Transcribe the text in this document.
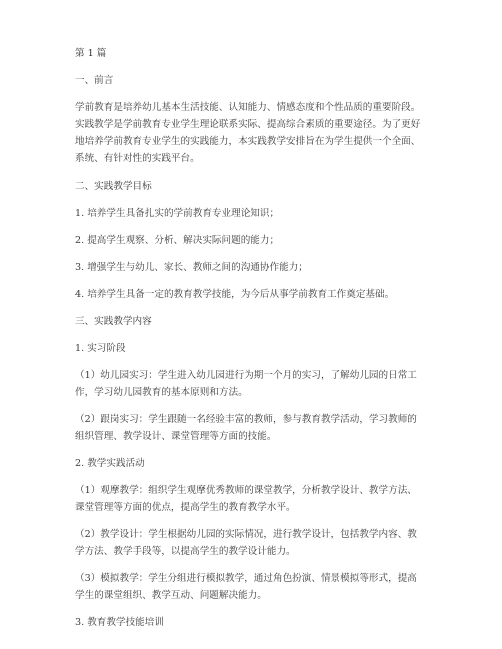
第 1 篇

一、前言

学前教育是培养幼儿基本生活技能、认知能力、情感态度和个性品质的重要阶段。
实践教学是学前教育专业学生理论联系实际、提高综合素质的重要途径。为了更好
地培养学前教育专业学生的实践能力，本实践教学安排旨在为学生提供一个全面、
系统、有针对性的实践平台。

二、实践教学目标

1. 培养学生具备扎实的学前教育专业理论知识；

2. 提高学生观察、分析、解决实际问题的能力；

3. 增强学生与幼儿、家长、教师之间的沟通协作能力；

4. 培养学生具备一定的教育教学技能，为今后从事学前教育工作奠定基础。

三、实践教学内容

1. 实习阶段

（1）幼儿园实习：学生进入幼儿园进行为期一个月的实习，了解幼儿园的日常工
作，学习幼儿园教育的基本原则和方法。
（2）跟岗实习：学生跟随一名经验丰富的教师，参与教育教学活动，学习教师的
组织管理、教学设计、课堂管理等方面的技能。

2. 教学实践活动

（1）观摩教学：组织学生观摩优秀教师的课堂教学，分析教学设计、教学方法、
课堂管理等方面的优点，提高学生的教育教学水平。
（2）教学设计：学生根据幼儿园的实际情况，进行教学设计，包括教学内容、教
学方法、教学手段等，以提高学生的教学设计能力。
（3）模拟教学：学生分组进行模拟教学，通过角色扮演、情景模拟等形式，提高
学生的课堂组织、教学互动、问题解决能力。

3. 教育教学技能培训
